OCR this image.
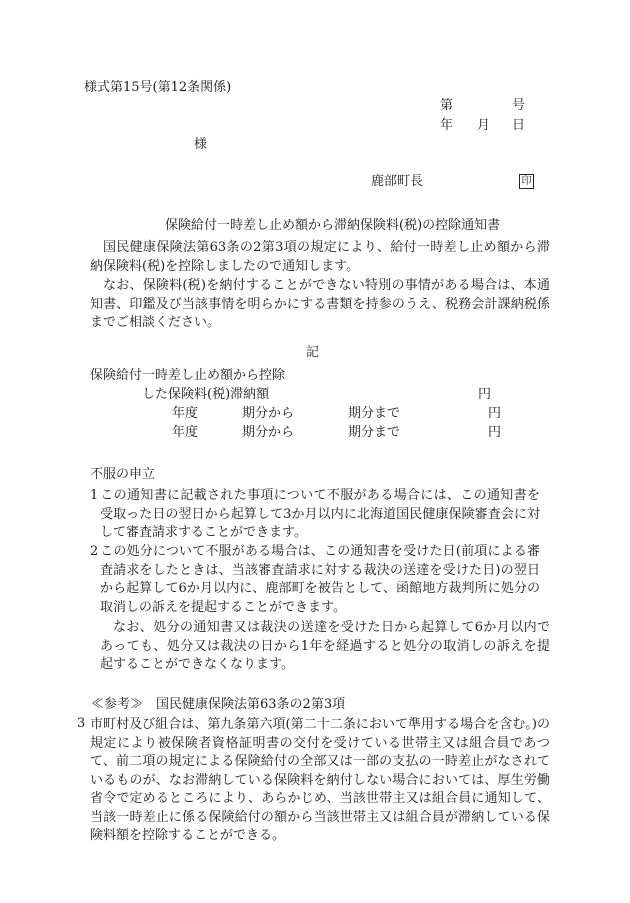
様式第15号(第12条関係)
第	号
年 月 日
様
鹿部町長	印
保険給付一時差し止め額から滞納保険料(税)の控除通知書
国民健康保険法第63条の2第3項の規定により、給付一時差し止め額から滞納保険料(税)を控除しましたので通知します。
なお、保険料(税)を納付することができない特別の事情がある場合は、本通知書、印鑑及び当該事情を明らかにする書類を持参のうえ、税務会計課納税係までご相談ください。
記
保険給付一時差し止め額から控除
した保険料(税)滞納額	円
年度	期分から	期分まで	円
年度	期分から	期分まで	円
不服の申立
1 この通知書に記載された事項について不服がある場合には、この通知書を受取った日の翌日から起算して3か月以内に北海道国民健康保険審査会に対して審査請求することができます。
2 この処分について不服がある場合は、この通知書を受けた日(前項による審査請求をしたときは、当該審査請求に対する裁決の送達を受けた日)の翌日から起算して6か月以内に、鹿部町を被告として、函館地方裁判所に処分の取消しの訴えを提起することができます。
なお、処分の通知書又は裁決の送達を受けた日から起算して6か月以内であっても、処分又は裁決の日から1年を経過すると処分の取消しの訴えを提起することができなくなります。
≪参考≫　国民健康保険法第63条の2第3項
3 市町村及び組合は、第九条第六項(第二十二条において準用する場合を含む。)の規定により被保険者資格証明書の交付を受けている世帯主又は組合員であつて、前二項の規定による保険給付の全部又は一部の支払の一時差止がなされているものが、なお滞納している保険料を納付しない場合においては、厚生労働省令で定めるところにより、あらかじめ、当該世帯主又は組合員に通知して、当該一時差止に係る保険給付の額から当該世帯主又は組合員が滞納している保険料額を控除することができる。
